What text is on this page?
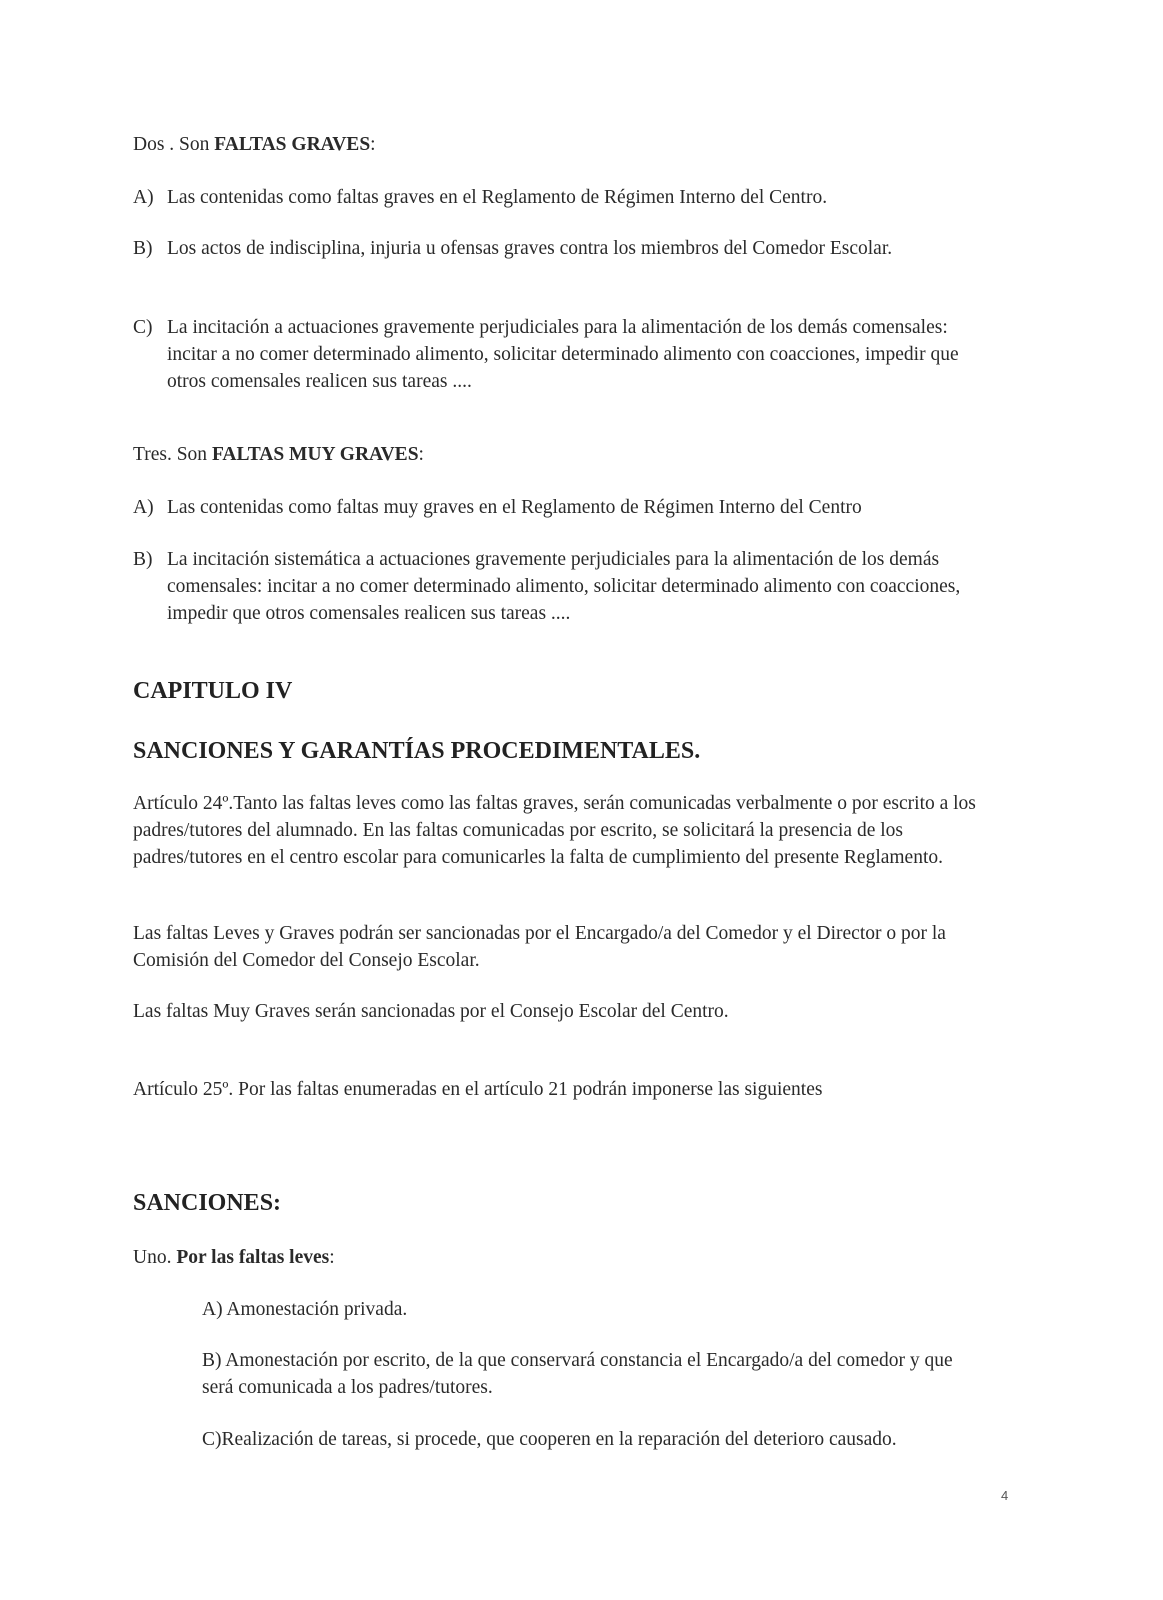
Dos . Son FALTAS GRAVES:

A) Las contenidas como faltas graves en el Reglamento de Régimen Interno del Centro.
B) Los actos de indisciplina, injuria u ofensas graves contra los miembros del Comedor Escolar.
C) La incitación a actuaciones gravemente perjudiciales para la alimentación de los demás comensales: incitar a no comer determinado alimento, solicitar determinado alimento con coacciones, impedir que otros comensales realicen sus tareas ....

Tres. Son FALTAS MUY GRAVES:

A) Las contenidas como faltas muy graves en el Reglamento de Régimen Interno del Centro
B) La incitación sistemática a actuaciones gravemente perjudiciales para la alimentación de los demás comensales: incitar a no comer determinado alimento, solicitar determinado alimento con coacciones, impedir que otros comensales realicen sus tareas ....
CAPITULO IV
SANCIONES Y GARANTÍAS PROCEDIMENTALES.

Artículo 24º.Tanto las faltas leves como las faltas graves, serán comunicadas verbalmente o por escrito a los padres/tutores del alumnado. En las faltas comunicadas por escrito, se solicitará la presencia de los padres/tutores en el centro escolar para comunicarles la falta de cumplimiento del presente Reglamento.

Las faltas Leves y Graves podrán ser sancionadas por el Encargado/a del Comedor y el Director o por la Comisión del Comedor del Consejo Escolar.

Las faltas Muy Graves serán sancionadas por el Consejo Escolar del Centro.

Artículo 25º. Por las faltas enumeradas en el artículo 21 podrán imponerse las siguientes

SANCIONES:

Uno. Por las faltas leves:

A) Amonestación privada.
B) Amonestación por escrito, de la que conservará constancia el Encargado/a del comedor y que será comunicada a los padres/tutores.
C)Realización de tareas, si procede, que cooperen en la reparación del deterioro causado.
4
